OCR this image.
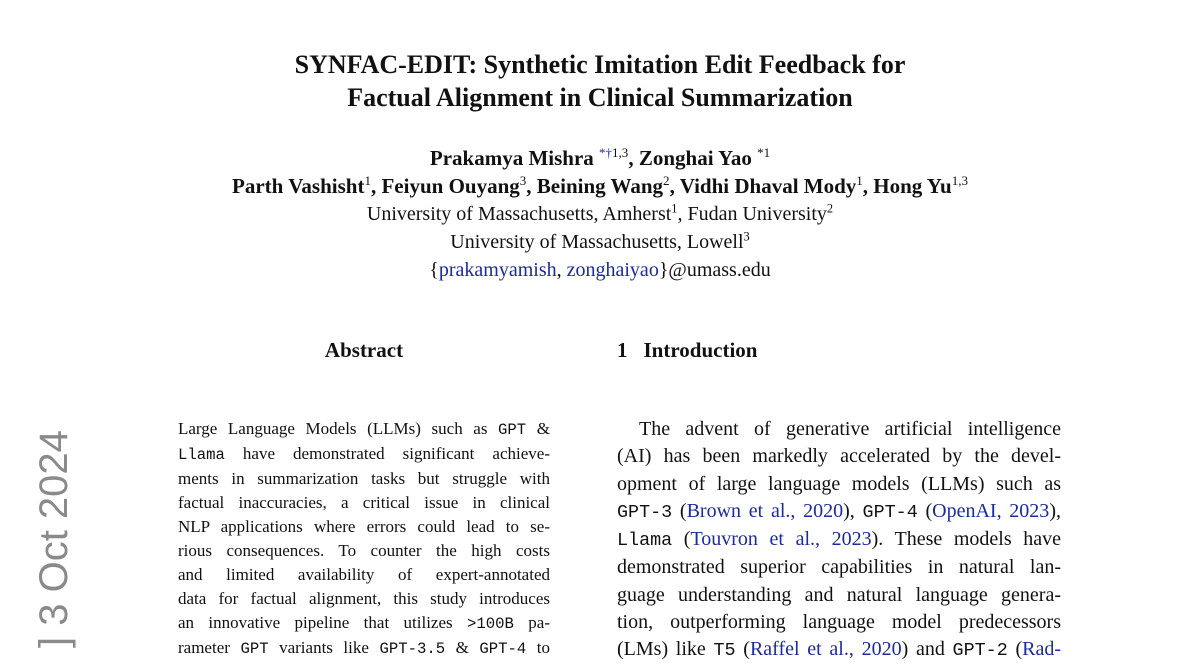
] 3 Oct 2024
SYNFAC-EDIT: Synthetic Imitation Edit Feedback for
Factual Alignment in Clinical Summarization
Prakamya Mishra $^{*\dagger 1,3}$, Zonghai Yao $^{*1}$
Parth Vashisht$^1$, Feiyun Ouyang$^3$, Beining Wang$^2$, Vidhi Dhaval Mody$^1$, Hong Yu$^{1,3}$
University of Massachusetts, Amherst$^1$, Fudan University$^2$
University of Massachusetts, Lowell$^3$
{prakamyamish, zonghaiyao}@umass.edu
Abstract
Large Language Models (LLMs) such as GPT &
Llama have demonstrated significant achieve-
ments in summarization tasks but struggle with
factual inaccuracies, a critical issue in clinical
NLP applications where errors could lead to se-
rious consequences. To counter the high costs
and limited availability of expert-annotated
data for factual alignment, this study introduces
an innovative pipeline that utilizes >100B pa-
rameter GPT variants like GPT-3.5 & GPT-4 to
1 Introduction
The advent of generative artificial intelligence
(AI) has been markedly accelerated by the devel-
opment of large language models (LLMs) such as
GPT-3 (Brown et al., 2020), GPT-4 (OpenAI, 2023),
Llama (Touvron et al., 2023). These models have
demonstrated superior capabilities in natural lan-
guage understanding and natural language genera-
tion, outperforming language model predecessors
(LMs) like T5 (Raffel et al., 2020) and GPT-2 (Rad-
